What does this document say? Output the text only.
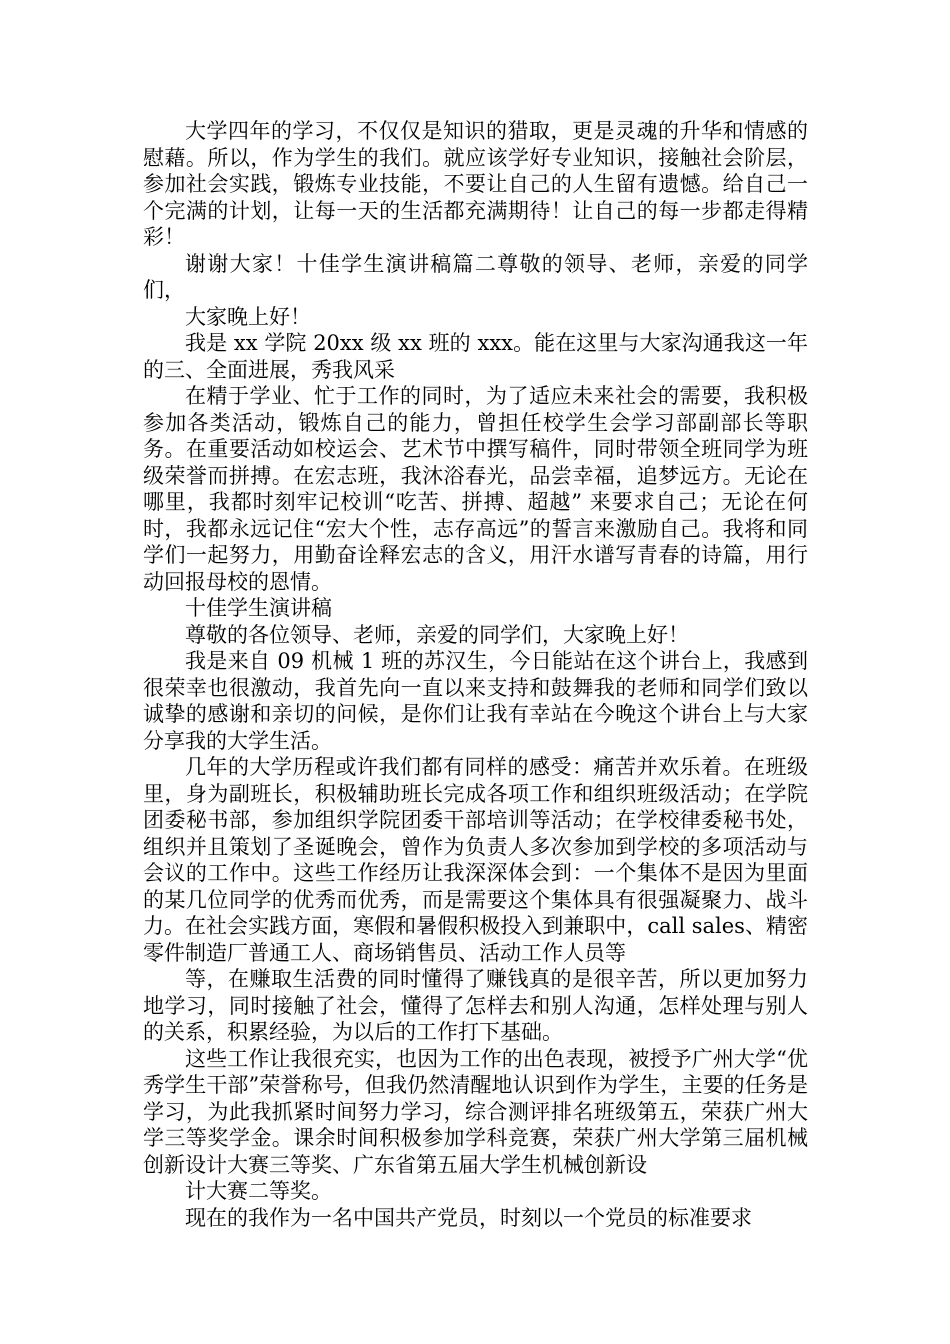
大学四年的学习，不仅仅是知识的猎取，更是灵魂的升华和情感的慰藉。所以，作为学生的我们。就应该学好专业知识，接触社会阶层，参加社会实践，锻炼专业技能，不要让自己的人生留有遗憾。给自己一个完满的计划，让每一天的生活都充满期待！让自己的每一步都走得精彩！

谢谢大家！十佳学生演讲稿篇二尊敬的领导、老师，亲爱的同学们，

大家晚上好！

我是 xx 学院 20xx 级 xx 班的 xxx。能在这里与大家沟通我这一年的三、全面进展，秀我风采

在精于学业、忙于工作的同时，为了适应未来社会的需要，我积极参加各类活动，锻炼自己的能力，曾担任校学生会学习部副部长等职务。在重要活动如校运会、艺术节中撰写稿件，同时带领全班同学为班级荣誉而拼搏。在宏志班，我沐浴春光，品尝幸福，追梦远方。无论在哪里，我都时刻牢记校训“吃苦、拼搏、超越” 来要求自己；无论在何时，我都永远记住“宏大个性，志存高远”的誓言来激励自己。我将和同学们一起努力，用勤奋诠释宏志的含义，用汗水谱写青春的诗篇，用行动回报母校的恩情。

十佳学生演讲稿

尊敬的各位领导、老师，亲爱的同学们，大家晚上好！

我是来自 09 机械 1 班的苏汉生，今日能站在这个讲台上，我感到很荣幸也很激动，我首先向一直以来支持和鼓舞我的老师和同学们致以诚挚的感谢和亲切的问候，是你们让我有幸站在今晚这个讲台上与大家分享我的大学生活。

几年的大学历程或许我们都有同样的感受：痛苦并欢乐着。在班级里，身为副班长，积极辅助班长完成各项工作和组织班级活动；在学院团委秘书部，参加组织学院团委干部培训等活动；在学校律委秘书处，组织并且策划了圣诞晚会，曾作为负责人多次参加到学校的多项活动与会议的工作中。这些工作经历让我深深体会到：一个集体不是因为里面的某几位同学的优秀而优秀，而是需要这个集体具有很强凝聚力、战斗力。在社会实践方面，寒假和暑假积极投入到兼职中，call sales、精密零件制造厂普通工人、商场销售员、活动工作人员等

等，在赚取生活费的同时懂得了赚钱真的是很辛苦，所以更加努力地学习，同时接触了社会，懂得了怎样去和别人沟通，怎样处理与别人的关系，积累经验，为以后的工作打下基础。

这些工作让我很充实，也因为工作的出色表现，被授予广州大学“优秀学生干部”荣誉称号，但我仍然清醒地认识到作为学生，主要的任务是学习，为此我抓紧时间努力学习，综合测评排名班级第五，荣获广州大学三等奖学金。课余时间积极参加学科竞赛，荣获广州大学第三届机械创新设计大赛三等奖、广东省第五届大学生机械创新设

计大赛二等奖。

现在的我作为一名中国共产党员，时刻以一个党员的标准要求
